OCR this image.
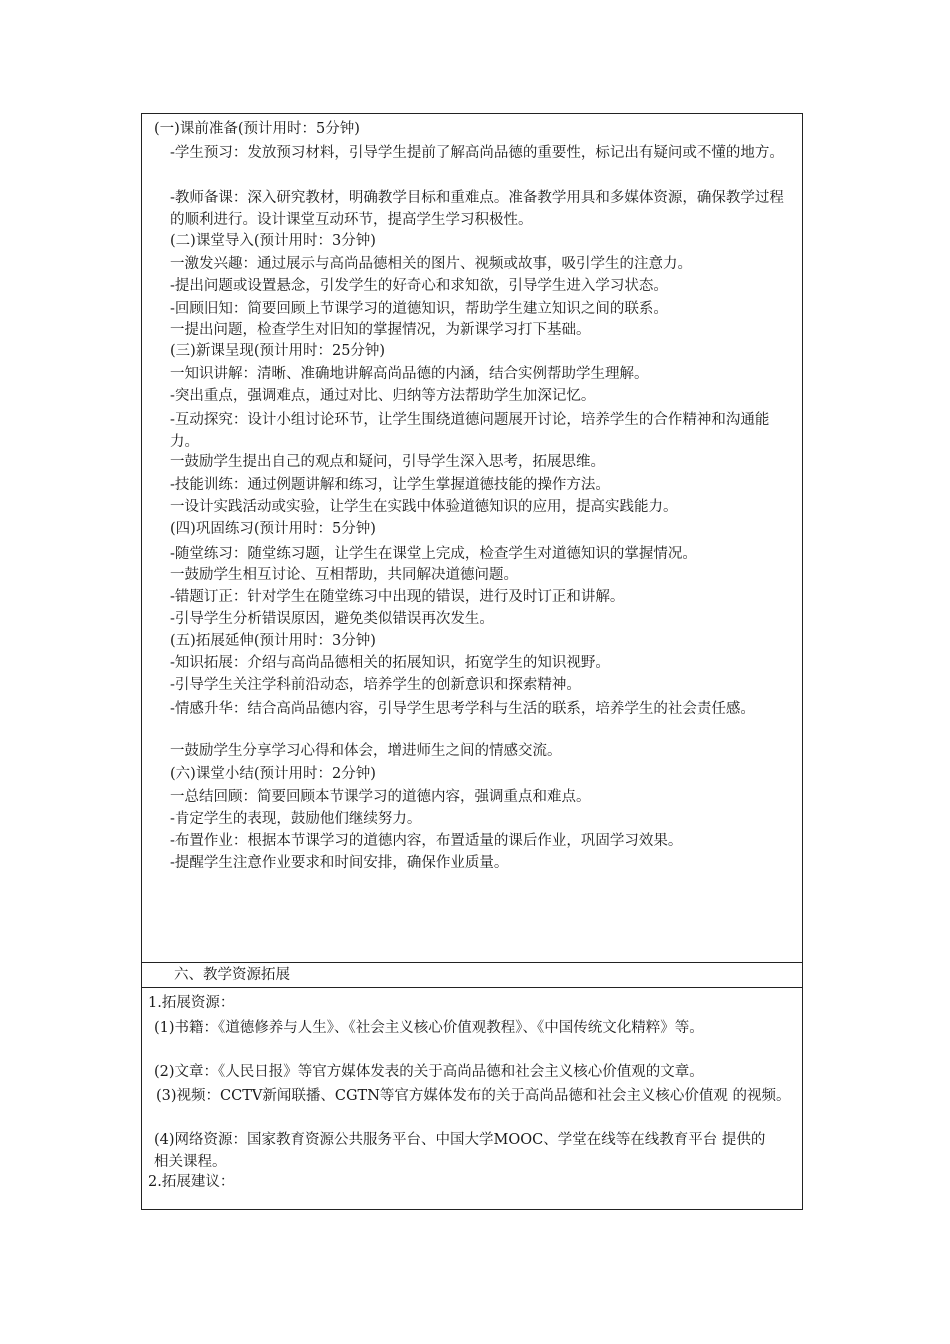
(一)课前准备(预计用时：5分钟)
-学生预习：发放预习材料，引导学生提前了解高尚品德的重要性，标记出有疑问或不懂的地方。
-教师备课：深入研究教材，明确教学目标和重难点。准备教学用具和多媒体资源，确保教学过程的顺利进行。设计课堂互动环节，提高学生学习积极性。
(二)课堂导入(预计用时：3分钟)
一激发兴趣：通过展示与高尚品德相关的图片、视频或故事，吸引学生的注意力。
-提出问题或设置悬念，引发学生的好奇心和求知欲，引导学生进入学习状态。
-回顾旧知：简要回顾上节课学习的道德知识，帮助学生建立知识之间的联系。
一提出问题，检查学生对旧知的掌握情况，为新课学习打下基础。
(三)新课呈现(预计用时：25分钟)
一知识讲解：清晰、准确地讲解高尚品德的内涵，结合实例帮助学生理解。
-突出重点，强调难点，通过对比、归纳等方法帮助学生加深记忆。
-互动探究：设计小组讨论环节，让学生围绕道德问题展开讨论，培养学生的合作精神和沟通能力。
一鼓励学生提出自己的观点和疑问，引导学生深入思考，拓展思维。
-技能训练：通过例题讲解和练习，让学生掌握道德技能的操作方法。
一设计实践活动或实验，让学生在实践中体验道德知识的应用，提高实践能力。
(四)巩固练习(预计用时：5分钟)
-随堂练习：随堂练习题，让学生在课堂上完成，检查学生对道德知识的掌握情况。
一鼓励学生相互讨论、互相帮助，共同解决道德问题。
-错题订正：针对学生在随堂练习中出现的错误，进行及时订正和讲解。
-引导学生分析错误原因，避免类似错误再次发生。
(五)拓展延伸(预计用时：3分钟)
-知识拓展：介绍与高尚品德相关的拓展知识，拓宽学生的知识视野。
-引导学生关注学科前沿动态，培养学生的创新意识和探索精神。
-情感升华：结合高尚品德内容，引导学生思考学科与生活的联系，培养学生的社会责任感。
一鼓励学生分享学习心得和体会，增进师生之间的情感交流。
(六)课堂小结(预计用时：2分钟)
一总结回顾：简要回顾本节课学习的道德内容，强调重点和难点。
-肯定学生的表现，鼓励他们继续努力。
-布置作业：根据本节课学习的道德内容，布置适量的课后作业，巩固学习效果。
-提醒学生注意作业要求和时间安排，确保作业质量。
六、教学资源拓展
1.拓展资源：
(1)书籍：《道德修养与人生》、《社会主义核心价值观教程》、《中国传统文化精粹》等。
(2)文章：《人民日报》等官方媒体发表的关于高尚品德和社会主义核心价值观的文章。
(3)视频：CCTV新闻联播、CGTN等官方媒体发布的关于高尚品德和社会主义核心价值观 的视频。
(4)网络资源：国家教育资源公共服务平台、中国大学MOOC、学堂在线等在线教育平台 提供的相关课程。
2.拓展建议：
